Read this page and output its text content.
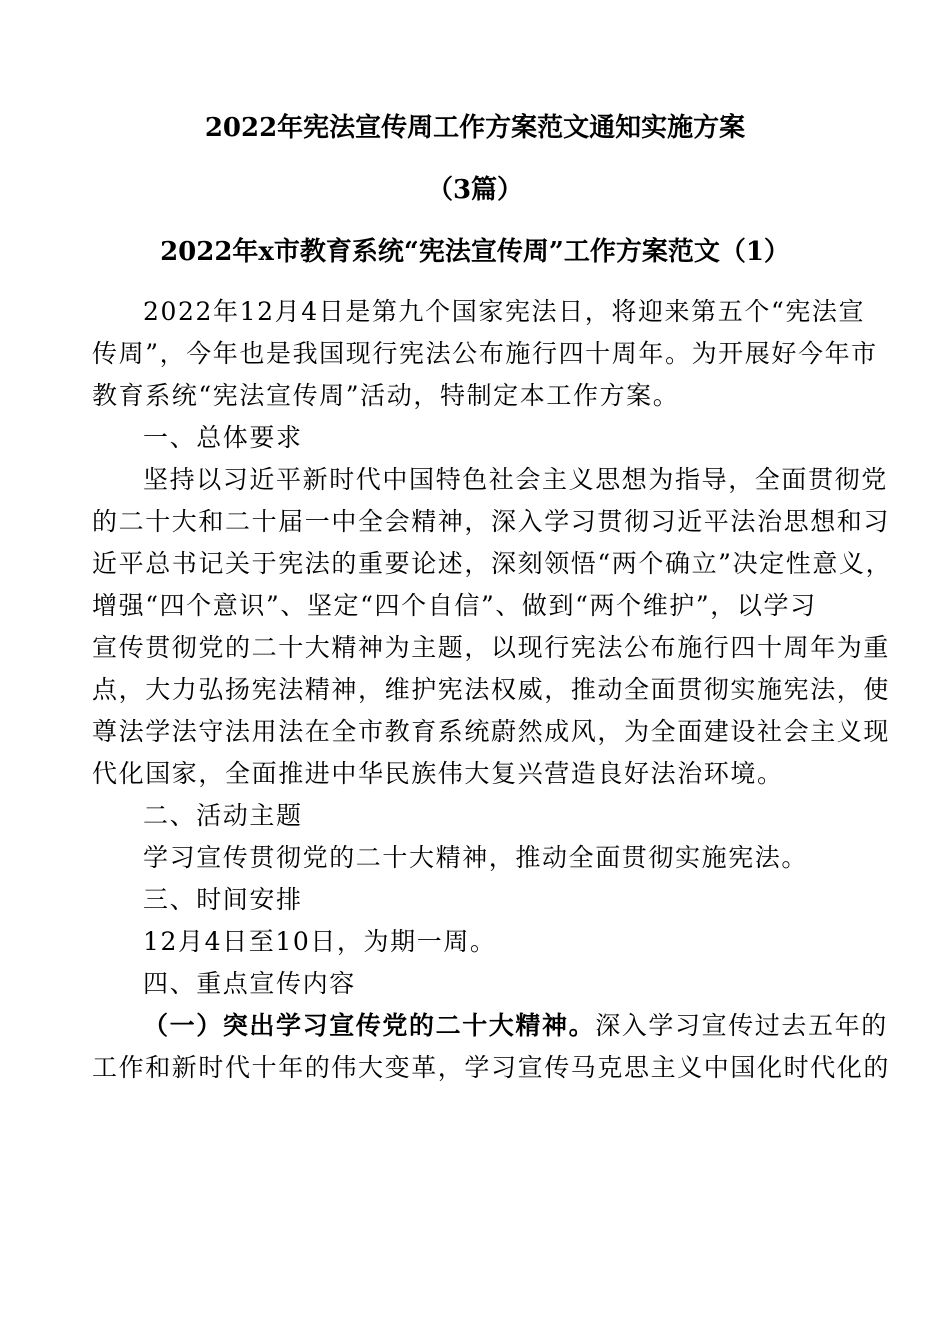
2022年宪法宣传周工作方案范文通知实施方案
（3篇）
2022年x市教育系统“宪法宣传周”工作方案范文（1）
2022年12月4日是第九个国家宪法日，将迎来第五个“宪法宣
传周”，今年也是我国现行宪法公布施行四十周年。为开展好今年市
教育系统“宪法宣传周”活动，特制定本工作方案。
一、总体要求
坚持以习近平新时代中国特色社会主义思想为指导，全面贯彻党
的二十大和二十届一中全会精神，深入学习贯彻习近平法治思想和习
近平总书记关于宪法的重要论述，深刻领悟“两个确立”决定性意义，
增强“四个意识”、坚定“四个自信”、做到“两个维护”，以学习
宣传贯彻党的二十大精神为主题，以现行宪法公布施行四十周年为重
点，大力弘扬宪法精神，维护宪法权威，推动全面贯彻实施宪法，使
尊法学法守法用法在全市教育系统蔚然成风，为全面建设社会主义现
代化国家，全面推进中华民族伟大复兴营造良好法治环境。
二、活动主题
学习宣传贯彻党的二十大精神，推动全面贯彻实施宪法。
三、时间安排
12月4日至10日，为期一周。
四、重点宣传内容
（一）突出学习宣传党的二十大精神。深入学习宣传过去五年的
工作和新时代十年的伟大变革，学习宣传马克思主义中国化时代化的
